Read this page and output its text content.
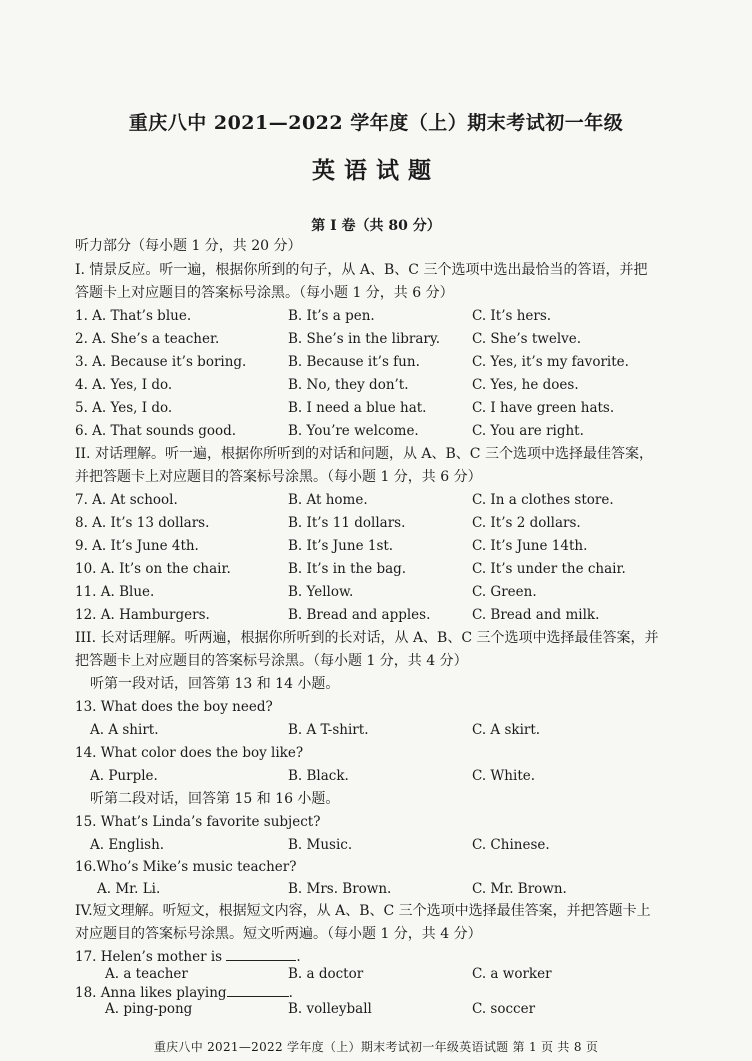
重庆八中 2021—2022 学年度（上）期末考试初一年级
英语试题
第 I 卷（共 80 分）
听力部分（每小题 1 分，共 20 分）
I. 情景反应。听一遍，根据你所到的句子，从 A、B、C 三个选项中选出最恰当的答语，并把
答题卡上对应题目的答案标号涂黑。（每小题 1 分，共 6 分）
1. A. That’s blue.	B. It’s a pen.	C. It’s hers.
2. A. She’s a teacher.	B. She’s in the library. C. She’s twelve.
3. A. Because it’s boring.	B. Because it’s fun.	C. Yes, it’s my favorite.
4. A. Yes, I do.	B. No, they don’t.	C. Yes, he does.
5. A. Yes, I do.	B. I need a blue hat.	C. I have green hats.
6. A. That sounds good.	B. You’re welcome.	C. You are right.
II. 对话理解。听一遍，根据你所听到的对话和问题，从 A、B、C 三个选项中选择最佳答案，
并把答题卡上对应题目的答案标号涂黑。（每小题 1 分，共 6 分）
7. A. At school.	B. At home.	C. In a clothes store.
8. A. It’s 13 dollars.	B. It’s 11 dollars.	C. It’s 2 dollars.
9. A. It’s June 4th.	B. It’s June 1st.	C. It’s June 14th.
10. A. It’s on the chair.	B. It’s in the bag.	C. It’s under the chair.
11. A. Blue.	B. Yellow.	C. Green.
12. A. Hamburgers.	B. Bread and apples.	C. Bread and milk.
III. 长对话理解。听两遍，根据你所听到的长对话，从 A、B、C 三个选项中选择最佳答案，并
把答题卡上对应题目的答案标号涂黑。（每小题 1 分，共 4 分）
听第一段对话，回答第 13 和 14 小题。
13. What does the boy need?
A. A shirt.	B. A T-shirt.	C. A skirt.
14. What color does the boy like?
A. Purple.	B. Black.	C. White.
听第二段对话，回答第 15 和 16 小题。
15. What’s Linda’s favorite subject?
A. English.	B. Music.	C. Chinese.
16.Who’s Mike’s music teacher?
A. Mr. Li.	B. Mrs. Brown.	C. Mr. Brown.
IV.短文理解。听短文，根据短文内容，从 A、B、C 三个选项中选择最佳答案，并把答题卡上
对应题目的答案标号涂黑。短文听两遍。（每小题 1 分，共 4 分）
17. Helen’s mother is	.
A. a teacher	B. a doctor	C. a worker
18. Anna likes playing	.
A. ping-pong	B. volleyball	C. soccer
重庆八中 2021—2022 学年度（上）期末考试初一年级英语试题 第 1 页 共 8 页
